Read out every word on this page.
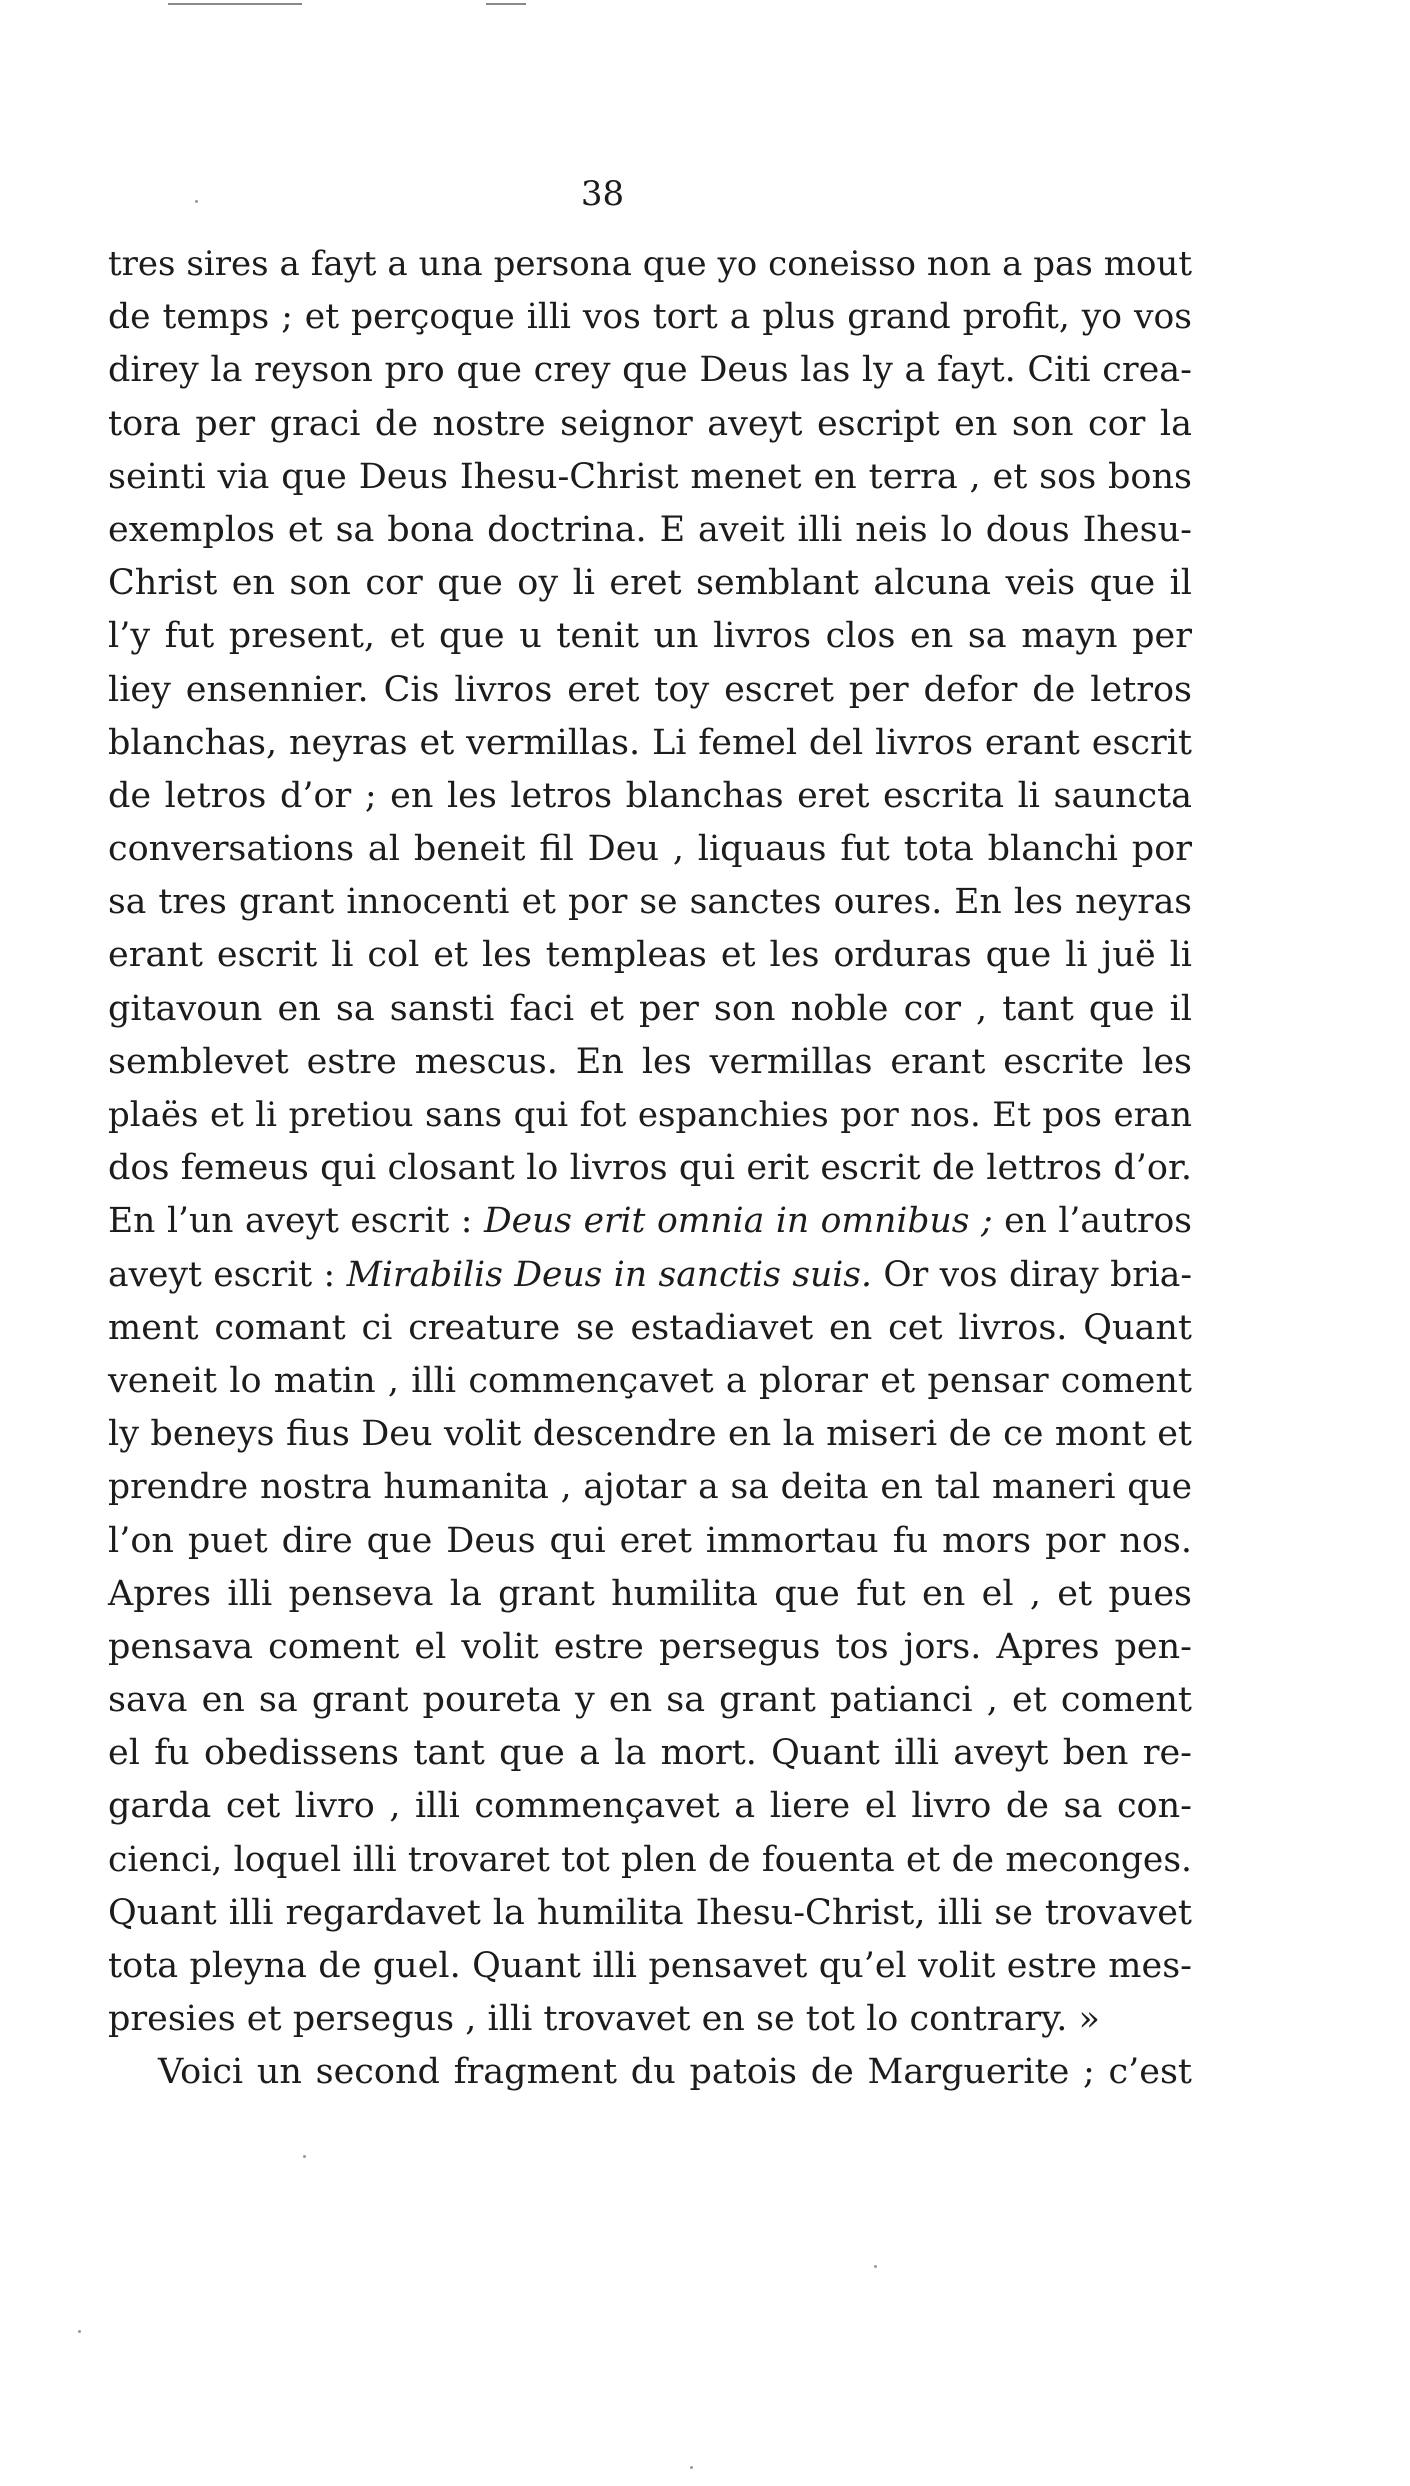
38
tres sires a fayt a una persona que yo coneisso non a pas mout
de temps ; et perçoque illi vos tort a plus grand profit, yo vos
direy la reyson pro que crey que Deus las ly a fayt. Citi crea-
tora per graci de nostre seignor aveyt escript en son cor la
seinti via que Deus Ihesu-Christ menet en terra , et sos bons
exemplos et sa bona doctrina. E aveit illi neis lo dous Ihesu-
Christ en son cor que oy li eret semblant alcuna veis que il
l’y fut present, et que u tenit un livros clos en sa mayn per
liey ensennier. Cis livros eret toy escret per defor de letros
blanchas, neyras et vermillas. Li femel del livros erant escrit
de letros d’or ; en les letros blanchas eret escrita li sauncta
conversations al beneit fil Deu , liquaus fut tota blanchi por
sa tres grant innocenti et por se sanctes oures. En les neyras
erant escrit li col et les templeas et les orduras que li juë li
gitavoun en sa sansti faci et per son noble cor , tant que il
semblevet estre mescus. En les vermillas erant escrite les
plaës et li pretiou sans qui fot espanchies por nos. Et pos eran
dos femeus qui closant lo livros qui erit escrit de lettros d’or.
En l’un aveyt escrit : Deus erit omnia in omnibus ; en l’autros
aveyt escrit : Mirabilis Deus in sanctis suis. Or vos diray bria-
ment comant ci creature se estadiavet en cet livros. Quant
veneit lo matin , illi commençavet a plorar et pensar coment
ly beneys fius Deu volit descendre en la miseri de ce mont et
prendre nostra humanita , ajotar a sa deita en tal maneri que
l’on puet dire que Deus qui eret immortau fu mors por nos.
Apres illi penseva la grant humilita que fut en el , et pues
pensava coment el volit estre persegus tos jors. Apres pen-
sava en sa grant poureta y en sa grant patianci , et coment
el fu obedissens tant que a la mort. Quant illi aveyt ben re-
garda cet livro , illi commençavet a liere el livro de sa con-
cienci, loquel illi trovaret tot plen de fouenta et de meconges.
Quant illi regardavet la humilita Ihesu-Christ, illi se trovavet
tota pleyna de guel. Quant illi pensavet qu’el volit estre mes-
presies et persegus , illi trovavet en se tot lo contrary. »
Voici un second fragment du patois de Marguerite ; c’est
